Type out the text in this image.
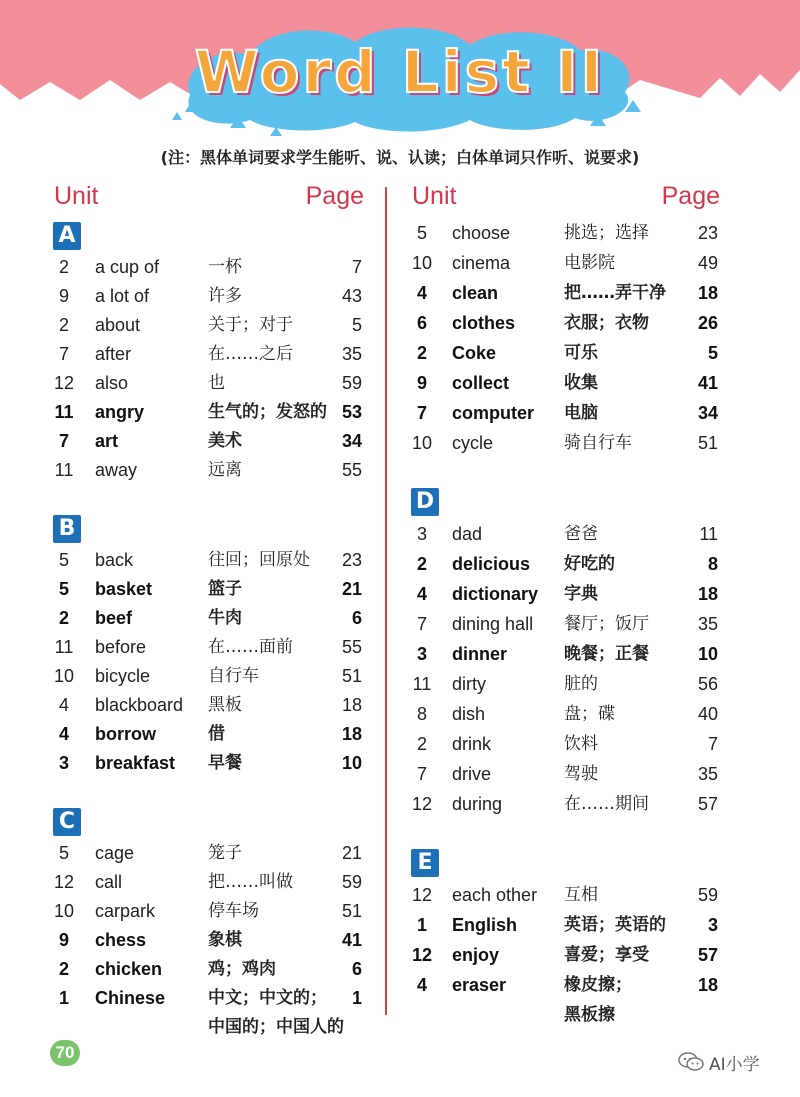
Word List II
(注：黑体单词要求学生能听、说、认读；白体单词只作听、说要求)
Unit	Page
A
2	a cup of	一杯	7
9	a lot of	许多	43
2	about	关于；对于	5
7	after	在……之后	35
12 also	也	59
11 angry	生气的；发怒的 53
7	art	美术	34
11 away	远离	55
B
5	back	往回；回原处 23
5	basket	篮子	21
2	beef	牛肉	6
11 before	在……面前	55
10 bicycle	自行车	51
4	blackboard 黑板	18
4	borrow	借	18
3	breakfast 早餐	10
C
5	cage	笼子	21
12 call	把……叫做	59
10 carpark	停车场	51
9	chess	象棋	41
2	chicken	鸡；鸡肉	6
1	Chinese	中文；中文的； 1
中国的；中国人的
Unit	Page
5	choose	挑选；选择	23
10 cinema	电影院	49
4	clean	把……弄干净 18
6	clothes	衣服；衣物	26
2	Coke	可乐	5
9	collect	收集	41
7	computer 电脑	34
10 cycle	骑自行车	51
D
3	dad	爸爸	11
2	delicious 好吃的	8
4	dictionary 字典	18
7	dining hall 餐厅；饭厅	35
3	dinner	晚餐；正餐	10
11 dirty	脏的	56
8	dish	盘；碟	40
2	drink	饮料	7
7	drive	驾驶	35
12 during	在……期间	57
E
12 each other 互相	59
1	English	英语；英语的 3
12 enjoy	喜爱；享受	57
4	eraser	橡皮擦；	18
黑板擦
70
AI小学
